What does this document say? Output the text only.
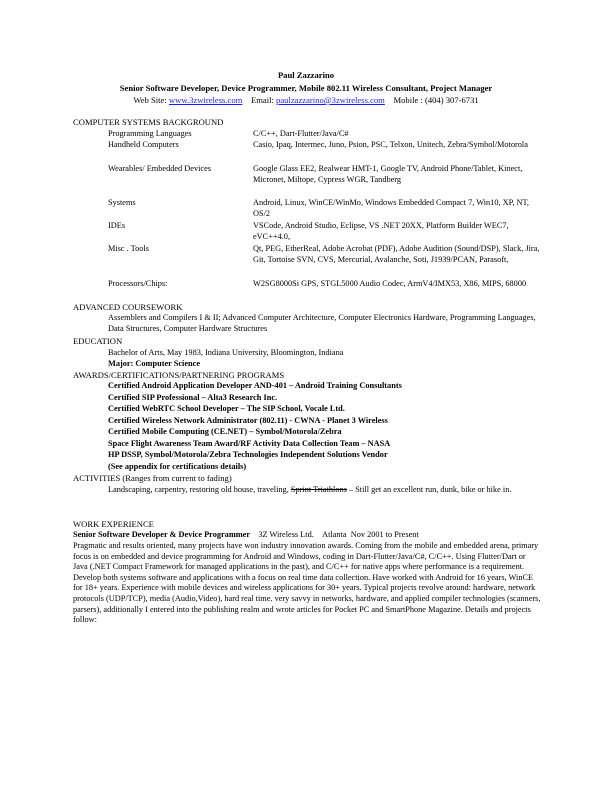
Paul Zazzarino
Senior Software Developer, Device Programmer, Mobile 802.11 Wireless Consultant, Project Manager
Web Site: www.3zwireless.com Email: paulzazzarino@3zwireless.com Mobile : (404) 307-6731
COMPUTER SYSTEMS BACKGROUND
Programming Languages	C/C++, Dart-Flutter/Java/C#
Handheld Computers	Casio, Ipaq, Intermec, Juno, Psion, PSC, Telxon, Unitech, Zebra/Symbol/Motorola
Wearables/ Embedded Devices	Google Glass EE2, Realwear HMT-1, Google TV, Android Phone/Tablet, Kinect, Micronet, Miltope, Cypress WGR, Tandberg
Systems	Android, Linux, WinCE/WinMo, Windows Embedded Compact 7, Win10, XP, NT, OS/2
IDEs	VSCode, Android Studio, Eclipse, VS .NET 20XX, Platform Builder WEC7, eVC++4.0,
Misc . Tools	Qt, PEG, EtherReal, Adobe Acrobat (PDF), Adobe Audition (Sound/DSP), Slack, Jira, Git, Tortoise SVN, CVS, Mercurial, Avalanche, Soti, J1939/PCAN, Parasoft,
Processors/Chips:	W2SG8000Si GPS, STGL5000 Audio Codec, ArmV4/IMX53, X86, MIPS, 68000
ADVANCED COURSEWORK
Assemblers and Compilers I & II; Advanced Computer Architecture, Computer Electronics Hardware, Programming Languages, Data Structures, Computer Hardware Structures
EDUCATION
Bachelor of Arts, May 1983, Indiana University, Bloomington, Indiana
Major: Computer Science
AWARDS/CERTIFICATIONS/PARTNERING PROGRAMS
Certified Android Application Developer AND-401 – Android Training Consultants
Certified SIP Professional – Alta3 Research Inc.
Certified WebRTC School Developer – The SIP School, Vocale Ltd.
Certified Wireless Network Administrator (802.11) - CWNA - Planet 3 Wireless
Certified Mobile Computing (CE.NET) – Symbol/Motorola/Zebra
Space Flight Awareness Team Award/RF Activity Data Collection Team – NASA
HP DSSP, Symbol/Motorola/Zebra Technologies Independent Solutions Vendor
(See appendix for certifications details)
ACTIVITIES (Ranges from current to fading)
Landscaping, carpentry, restoring old house, traveling, Sprint Triathlons – Still get an excellent run, dunk, bike or hike in.
WORK EXPERIENCE
Senior Software Developer & Device Programmer 3Z Wireless Ltd. Atlanta Nov 2001 to Present
Pragmatic and results oriented, many projects have won industry innovation awards. Coming from the mobile and embedded arena, primary focus is on embedded and device programming for Android and Windows, coding in Dart-Flutter/Java/C#, C/C++. Using Flutter/Dart or Java (.NET Compact Framework for managed applications in the past), and C/C++ for native apps where performance is a requirement. Develop both systems software and applications with a focus on real time data collection. Have worked with Android for 16 years, WinCE for 18+ years. Experience with mobile devices and wireless applications for 30+ years. Typical projects revolve around: hardware, network protocols (UDP/TCP), media (Audio,Video), hard real time. very savvy in networks, hardware, and applied compiler technologies (scanners, parsers), additionally I entered into the publishing realm and wrote articles for Pocket PC and SmartPhone Magazine. Details and projects follow:
